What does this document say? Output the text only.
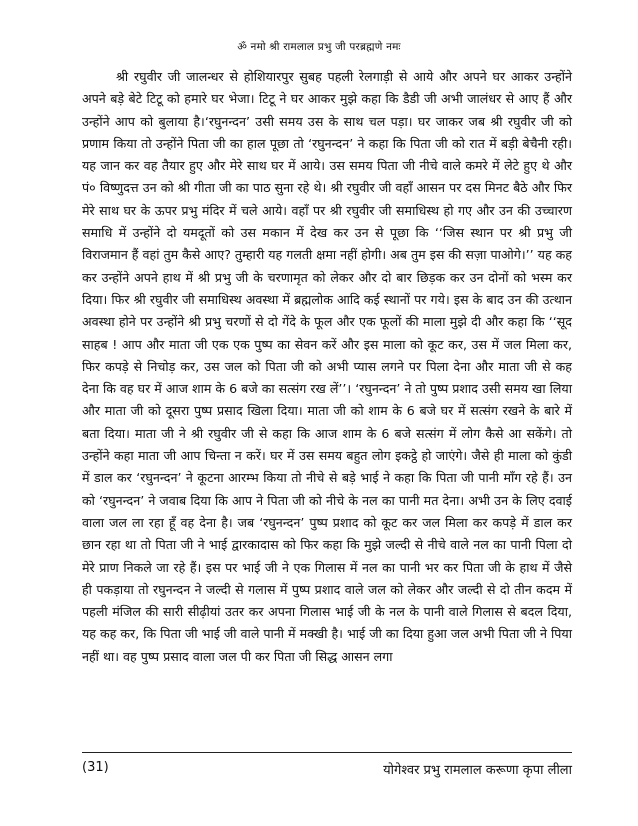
ॐ नमो श्री रामलाल प्रभु जी परब्रह्मणे नमः

श्री रघुवीर जी जालन्धर से होशियारपुर सुबह पहली रेलगाड़ी से आये और अपने घर आकर उन्होंने अपने बड़े बेटे टिटू को हमारे घर भेजा। टिटू ने घर आकर मुझे कहा कि डैडी जी अभी जालंधर से आए हैं और उन्होंने आप को बुलाया है।‘रघुनन्दन’ उसी समय उस के साथ चल पड़ा। घर जाकर जब श्री रघुवीर जी को प्रणाम किया तो उन्होंने पिता जी का हाल पूछा तो ‘रघुनन्दन’ ने कहा कि पिता जी को रात में बड़ी बेचैनी रही। यह जान कर वह तैयार हुए और मेरे साथ घर में आये। उस समय पिता जी नीचे वाले कमरे में लेटे हुए थे और पं० विष्णुदत्त उन को श्री गीता जी का पाठ सुना रहे थे। श्री रघुवीर जी वहाँ आसन पर दस मिनट बैठे और फिर मेरे साथ घर के ऊपर प्रभु मंदिर में चले आये। वहाँ पर श्री रघुवीर जी समाधिस्थ हो गए और उन की उच्चारण समाधि में उन्होंने दो यमदूतों को उस मकान में देख कर उन से पूछा कि ‘‘जिस स्थान पर श्री प्रभु जी विराजमान हैं वहां तुम कैसे आए? तुम्हारी यह गलती क्षमा नहीं होगी। अब तुम इस की सज़ा पाओगे।’’ यह कह कर उन्होंने अपने हाथ में श्री प्रभु जी के चरणामृत को लेकर और दो बार छिड़क कर उन दोनों को भस्म कर दिया। फिर श्री रघुवीर जी समाधिस्थ अवस्था में ब्रह्मलोक आदि कई स्थानों पर गये। इस के बाद उन की उत्थान अवस्था होने पर उन्होंने श्री प्रभु चरणों से दो गेंदे के फूल और एक फूलों की माला मुझे दी और कहा कि ‘‘सूद साहब ! आप और माता जी एक एक पुष्प का सेवन करें और इस माला को कूट कर, उस में जल मिला कर, फिर कपड़े से निचोड़ कर, उस जल को पिता जी को अभी प्यास लगने पर पिला देना और माता जी से कह देना कि वह घर में आज शाम के 6 बजे का सत्संग रख लें’’। ‘रघुनन्दन’ ने तो पुष्प प्रशाद उसी समय खा लिया और माता जी को दूसरा पुष्प प्रसाद खिला दिया। माता जी को शाम के 6 बजे घर में सत्संग रखने के बारे में बता दिया। माता जी ने श्री रघुवीर जी से कहा कि आज शाम के 6 बजे सत्संग में लोग कैसे आ सकेंगे। तो उन्होंने कहा माता जी आप चिन्ता न करें। घर में उस समय बहुत लोग इकट्ठे हो जाएंगे। जैसे ही माला को कुंडी में डाल कर ‘रघुनन्दन’ ने कूटना आरम्भ किया तो नीचे से बड़े भाई ने कहा कि पिता जी पानी माँग रहे हैं। उन को ‘रघुनन्दन’ ने जवाब दिया कि आप ने पिता जी को नीचे के नल का पानी मत देना। अभी उन के लिए दवाई वाला जल ला रहा हूँ वह देना है। जब ‘रघुनन्दन’ पुष्प प्रशाद को कूट कर जल मिला कर कपड़े में डाल कर छान रहा था तो पिता जी ने भाई द्वारकादास को फिर कहा कि मुझे जल्दी से नीचे वाले नल का पानी पिला दो मेरे प्राण निकले जा रहे हैं। इस पर भाई जी ने एक गिलास में नल का पानी भर कर पिता जी के हाथ में जैसे ही पकड़ाया तो रघुनन्दन ने जल्दी से गलास में पुष्प प्रशाद वाले जल को लेकर और जल्दी से दो तीन कदम में पहली मंजिल की सारी सीढ़ीयां उतर कर अपना गिलास भाई जी के नल के पानी वाले गिलास से बदल दिया, यह कह कर, कि पिता जी भाई जी वाले पानी में मक्खी है। भाई जी का दिया हुआ जल अभी पिता जी ने पिया नहीं था। वह पुष्प प्रसाद वाला जल पी कर पिता जी सिद्ध आसन लगा

(31)	योगेश्वर प्रभु रामलाल करूणा कृपा लीला
